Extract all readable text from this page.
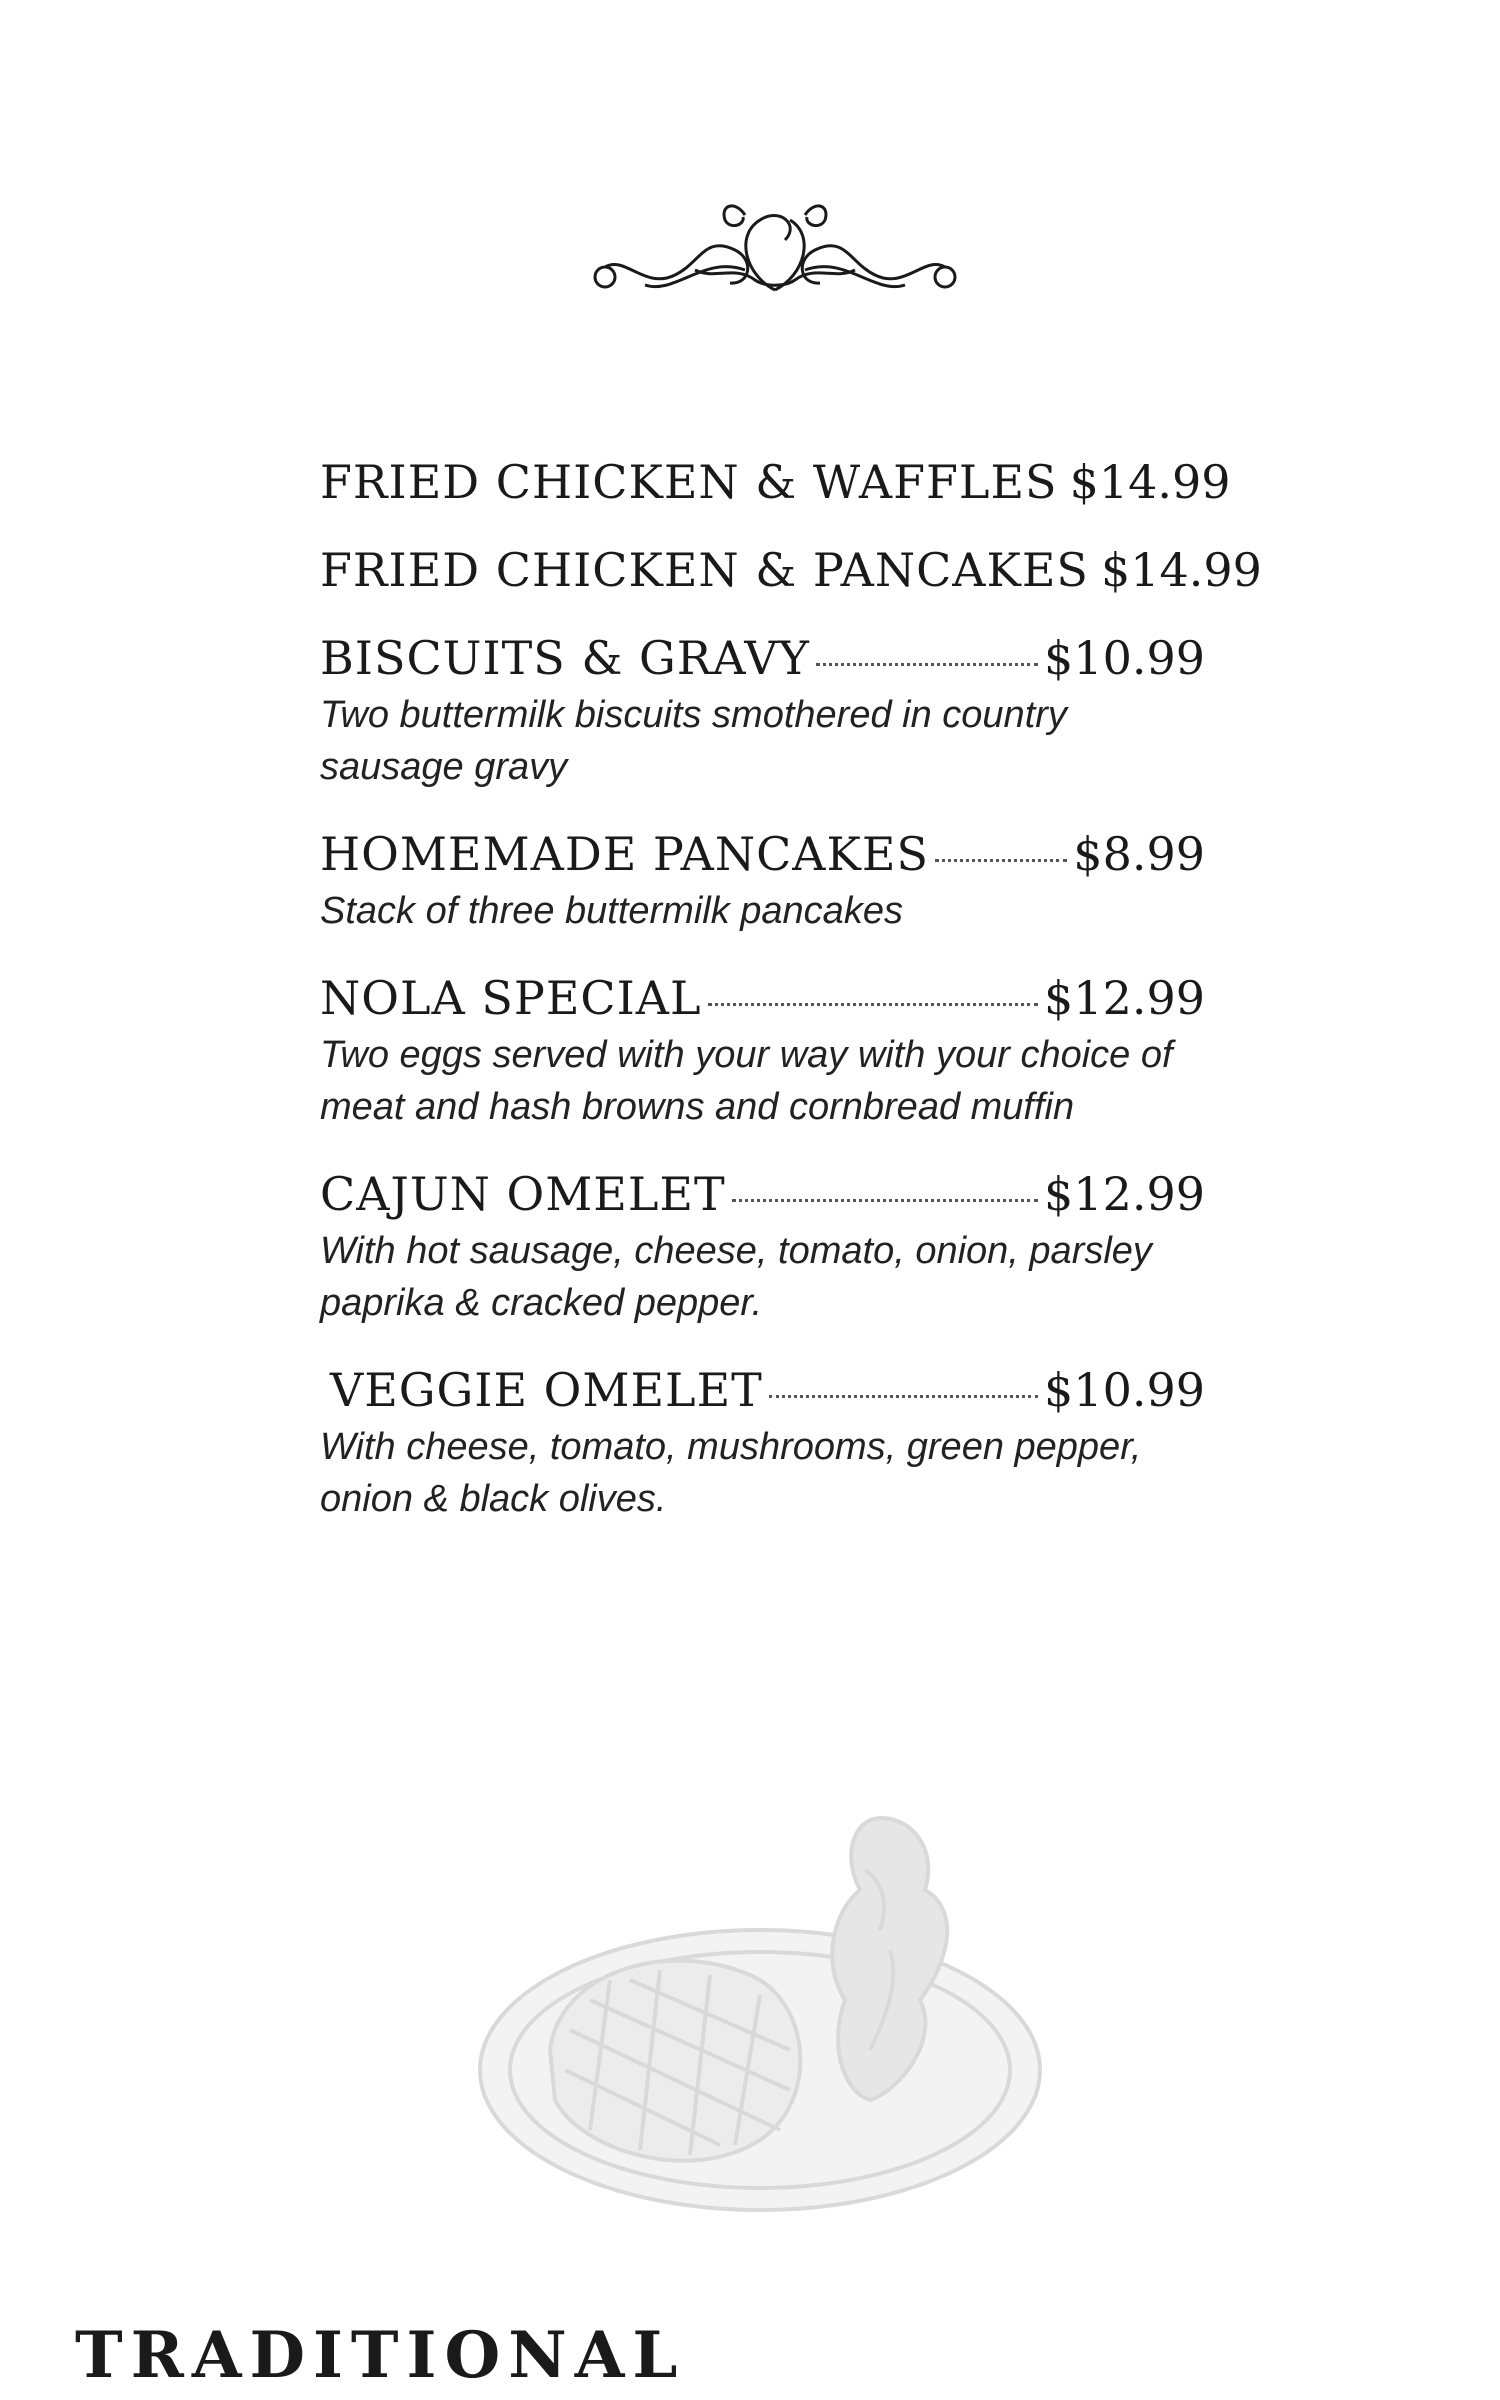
FRIED CHICKEN & WAFFLES $14.99
FRIED CHICKEN & PANCAKES $14.99
BISCUITS & GRAVY	$10.99
Two buttermilk biscuits smothered in country sausage gravy
HOMEMADE PANCAKES	$8.99
Stack of three buttermilk pancakes
NOLA SPECIAL	$12.99
Two eggs served with your way with your choice of meat and hash browns and cornbread muffin
CAJUN OMELET	$12.99
With hot sausage, cheese, tomato, onion, parsley paprika & cracked pepper.
VEGGIE OMELET	$10.99
With cheese, tomato, mushrooms, green pepper, onion & black olives.
TRADITIONAL
